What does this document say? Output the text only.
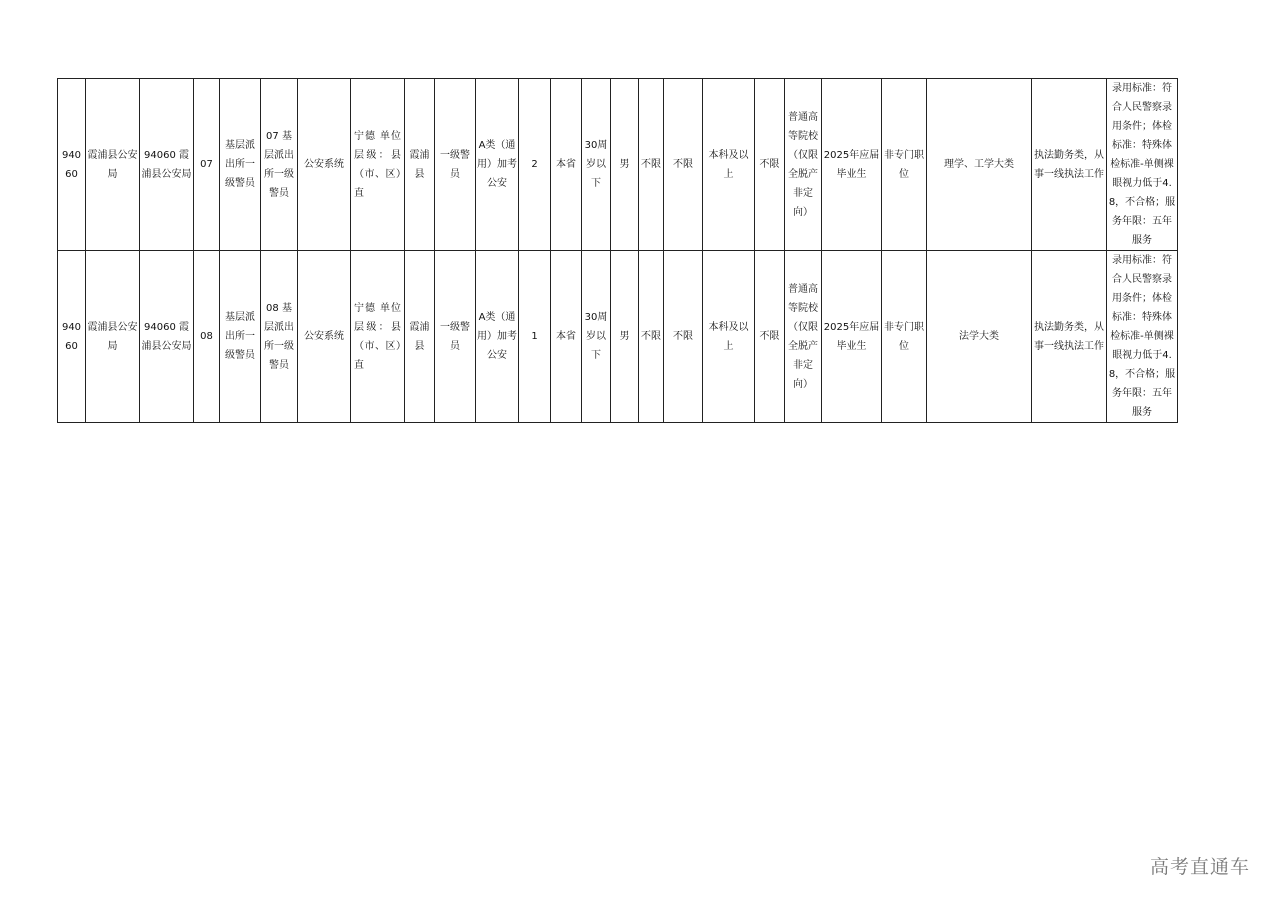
94060	霞浦县公安局	94060 霞浦县公安局	07	基层派出所一级警员	07 基层派出所一级警员	公安系统	宁德 单位层级：县（市、区）直	霞浦县	一级警员	A类（通用）加考公安	2	本省	30周岁以下	男	不限	不限	本科及以上	不限	普通高等院校（仅限全脱产非定向）	2025年应届毕业生	非专门职位	理学、工学大类	执法勤务类，从事一线执法工作	录用标准：符合人民警察录用条件；体检标准：特殊体检标准-单侧裸眼视力低于4.8，不合格；服务年限：五年服务
94060	霞浦县公安局	94060 霞浦县公安局	08	基层派出所一级警员	08 基层派出所一级警员	公安系统	宁德 单位层级：县（市、区）直	霞浦县	一级警员	A类（通用）加考公安	1	本省	30周岁以下	男	不限	不限	本科及以上	不限	普通高等院校（仅限全脱产非定向）	2025年应届毕业生	非专门职位	法学大类	执法勤务类，从事一线执法工作	录用标准：符合人民警察录用条件；体检标准：特殊体检标准-单侧裸眼视力低于4.8，不合格；服务年限：五年服务
高考直通车
